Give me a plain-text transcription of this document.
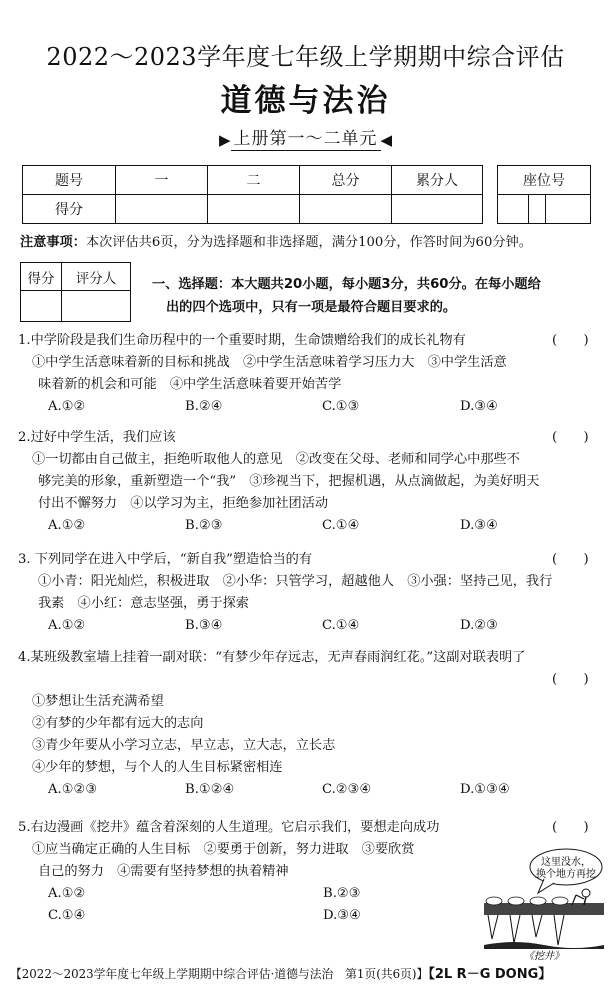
2022～2023学年度七年级上学期期中综合评估
道德与法治
▶ 上册第一～二单元 ◀
题号	一	二	总分	累分人
得分				
座位号

注意事项：本次评估共6页，分为选择题和非选择题，满分100分，作答时间为60分钟。
得分	评分人
		一、选择题：本大题共20小题，每小题3分，共60分。在每小题给
出的四个选项中，只有一项是最符合题目要求的。
1.中学阶段是我们生命历程中的一个重要时期，生命馈赠给我们的成长礼物有	(　　)
①中学生活意味着新的目标和挑战　②中学生活意味着学习压力大　③中学生活意
味着新的机会和可能　④中学生活意味着要开始苦学
A.①②	B.②④	C.①③	D.③④
2.过好中学生活，我们应该	(　　)
①一切都由自己做主，拒绝听取他人的意见　②改变在父母、老师和同学心中那些不
够完美的形象，重新塑造一个“我”　③珍视当下，把握机遇，从点滴做起，为美好明天
付出不懈努力　④以学习为主，拒绝参加社团活动
A.①②	B.②③	C.①④	D.③④
3. 下列同学在进入中学后，“新自我”塑造恰当的有	(　　)
①小青：阳光灿烂，积极进取　②小华：只管学习，超越他人　③小强：坚持己见，我行
我素　④小红：意志坚强，勇于探索
A.①②	B.③④	C.①④	D.②③
4.某班级教室墙上挂着一副对联：“有梦少年存远志，无声春雨润红花。”这副对联表明了
(　　)
①梦想让生活充满希望
②有梦的少年都有远大的志向
③青少年要从小学习立志，早立志，立大志，立长志
④少年的梦想，与个人的人生目标紧密相连
A.①②③	B.①②④	C.②③④	D.①③④
5.右边漫画《挖井》蕴含着深刻的人生道理。它启示我们，要想走向成功	(　　)
①应当确定正确的人生目标　②要勇于创新，努力进取　③要欣赏
自己的努力　④需要有坚持梦想的执着精神
A.①②	B.②③
C.①④	D.③④
这里没水，
换个地方再挖
《挖井》
【2022～2023学年度七年级上学期期中综合评估·道德与法治　第1页(共6页)】【2L R－G DONG】
